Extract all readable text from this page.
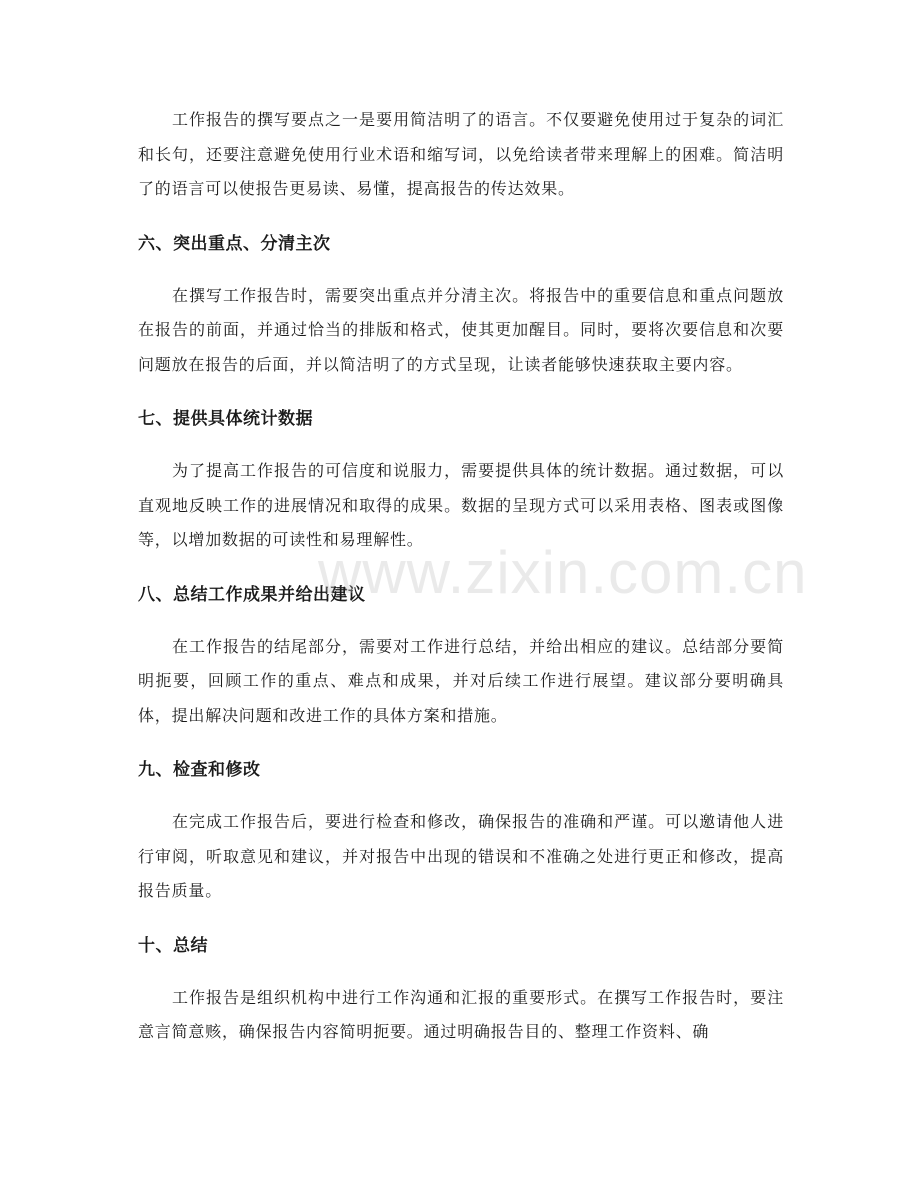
工作报告的撰写要点之一是要用简洁明了的语言。不仅要避免使用过于复杂的词汇和长句，还要注意避免使用行业术语和缩写词，以免给读者带来理解上的困难。简洁明了的语言可以使报告更易读、易懂，提高报告的传达效果。

六、突出重点、分清主次

在撰写工作报告时，需要突出重点并分清主次。将报告中的重要信息和重点问题放在报告的前面，并通过恰当的排版和格式，使其更加醒目。同时，要将次要信息和次要问题放在报告的后面，并以简洁明了的方式呈现，让读者能够快速获取主要内容。

七、提供具体统计数据

为了提高工作报告的可信度和说服力，需要提供具体的统计数据。通过数据，可以直观地反映工作的进展情况和取得的成果。数据的呈现方式可以采用表格、图表或图像等，以增加数据的可读性和易理解性。

八、总结工作成果并给出建议

在工作报告的结尾部分，需要对工作进行总结，并给出相应的建议。总结部分要简明扼要，回顾工作的重点、难点和成果，并对后续工作进行展望。建议部分要明确具体，提出解决问题和改进工作的具体方案和措施。

九、检查和修改

在完成工作报告后，要进行检查和修改，确保报告的准确和严谨。可以邀请他人进行审阅，听取意见和建议，并对报告中出现的错误和不准确之处进行更正和修改，提高报告质量。

十、总结

工作报告是组织机构中进行工作沟通和汇报的重要形式。在撰写工作报告时，要注意言简意赅，确保报告内容简明扼要。通过明确报告目的、整理工作资料、确

www.zixin.com.cn
